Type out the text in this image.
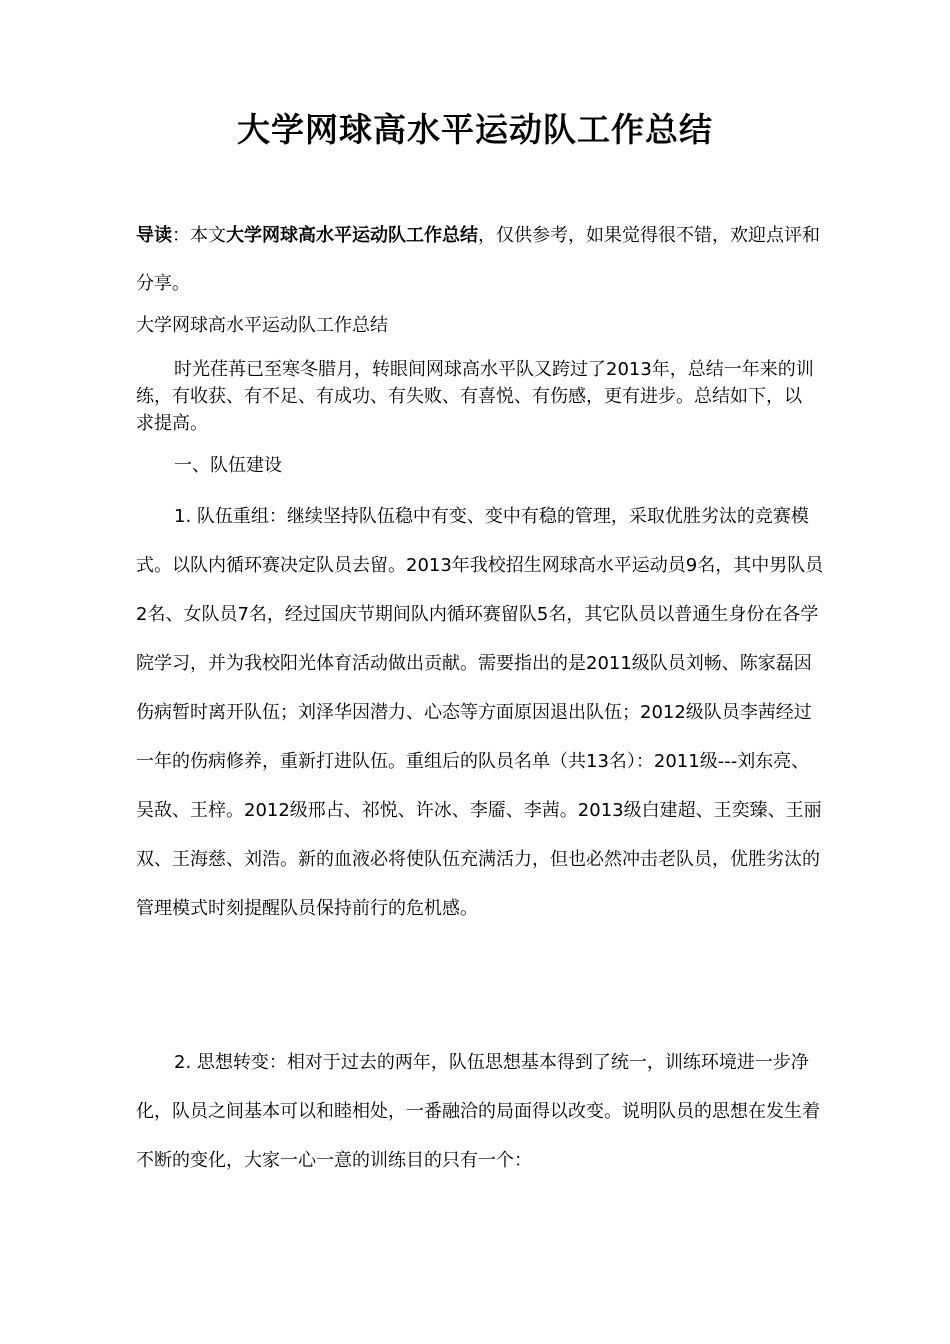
大学网球高水平运动队工作总结
导读：本文大学网球高水平运动队工作总结，仅供参考，如果觉得很不错，欢迎点评和分享。
大学网球高水平运动队工作总结
时光荏苒已至寒冬腊月，转眼间网球高水平队又跨过了2013年，总结一年来的训练，有收获、有不足、有成功、有失败、有喜悦、有伤感，更有进步。总结如下，以求提高。
一、队伍建设
1. 队伍重组：继续坚持队伍稳中有变、变中有稳的管理，采取优胜劣汰的竞赛模式。以队内循环赛决定队员去留。2013年我校招生网球高水平运动员9名，其中男队员2名、女队员7名，经过国庆节期间队内循环赛留队5名，其它队员以普通生身份在各学院学习，并为我校阳光体育活动做出贡献。需要指出的是2011级队员刘畅、陈家磊因伤病暂时离开队伍；刘泽华因潜力、心态等方面原因退出队伍；2012级队员李茜经过一年的伤病修养，重新打进队伍。重组后的队员名单（共13名）：2011级---刘东亮、吴敌、王梓。2012级邢占、祁悦、许冰、李靥、李茜。2013级白建超、王奕臻、王丽双、王海慈、刘浩。新的血液必将使队伍充满活力，但也必然冲击老队员，优胜劣汰的管理模式时刻提醒队员保持前行的危机感。
2. 思想转变：相对于过去的两年，队伍思想基本得到了统一，训练环境进一步净化，队员之间基本可以和睦相处，一番融洽的局面得以改变。说明队员的思想在发生着不断的变化，大家一心一意的训练目的只有一个：
